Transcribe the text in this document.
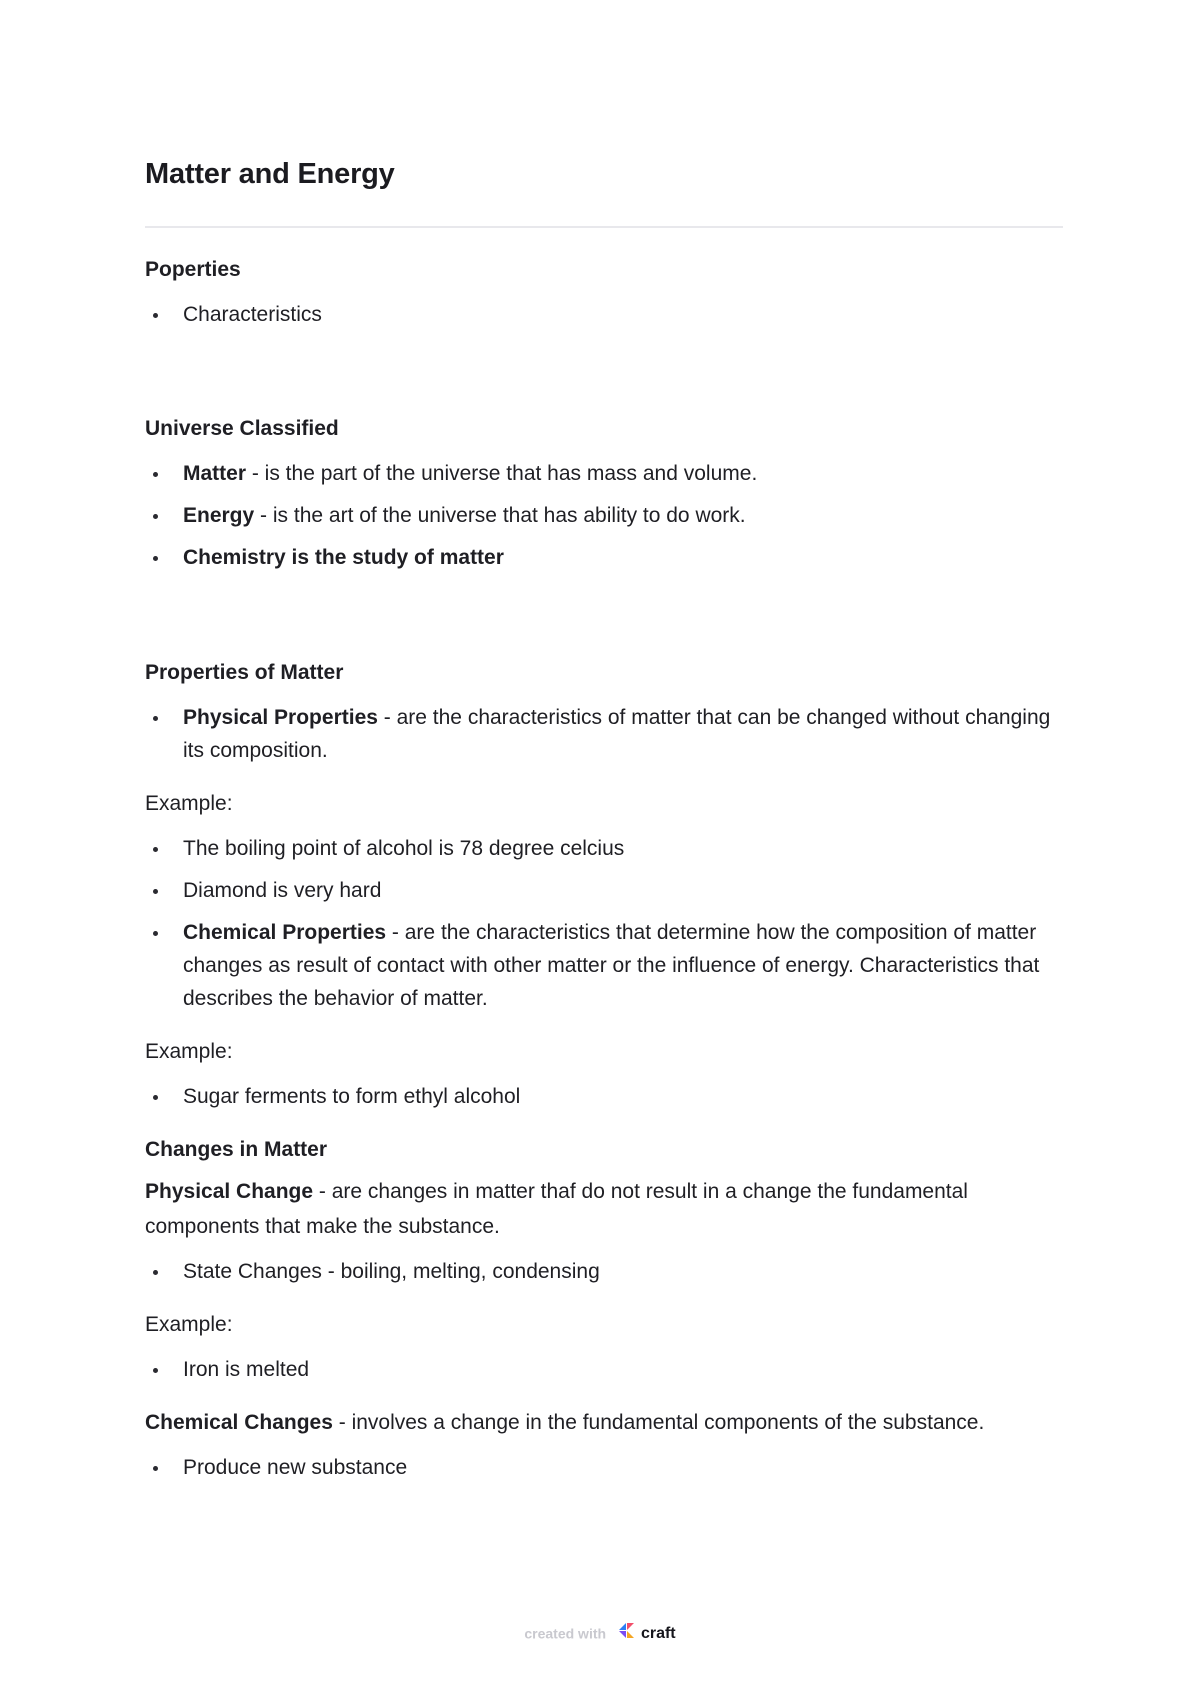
Matter and Energy

Poperties

Characteristics

Universe Classified

Matter - is the part of the universe that has mass and volume.
Energy - is the art of the universe that has ability to do work.
Chemistry is the study of matter

Properties of Matter

Physical Properties - are the characteristics of matter that can be changed without changing its composition.

Example:

The boiling point of alcohol is 78 degree celcius
Diamond is very hard
Chemical Properties - are the characteristics that determine how the composition of matter changes as result of contact with other matter or the influence of energy. Characteristics that describes the behavior of matter.

Example:

Sugar ferments to form ethyl alcohol

Changes in Matter

Physical Change - are changes in matter thaf do not result in a change the fundamental components that make the substance.

State Changes - boiling, melting, condensing

Example:

Iron is melted

Chemical Changes - involves a change in the fundamental components of the substance.

Produce new substance
created with craft
